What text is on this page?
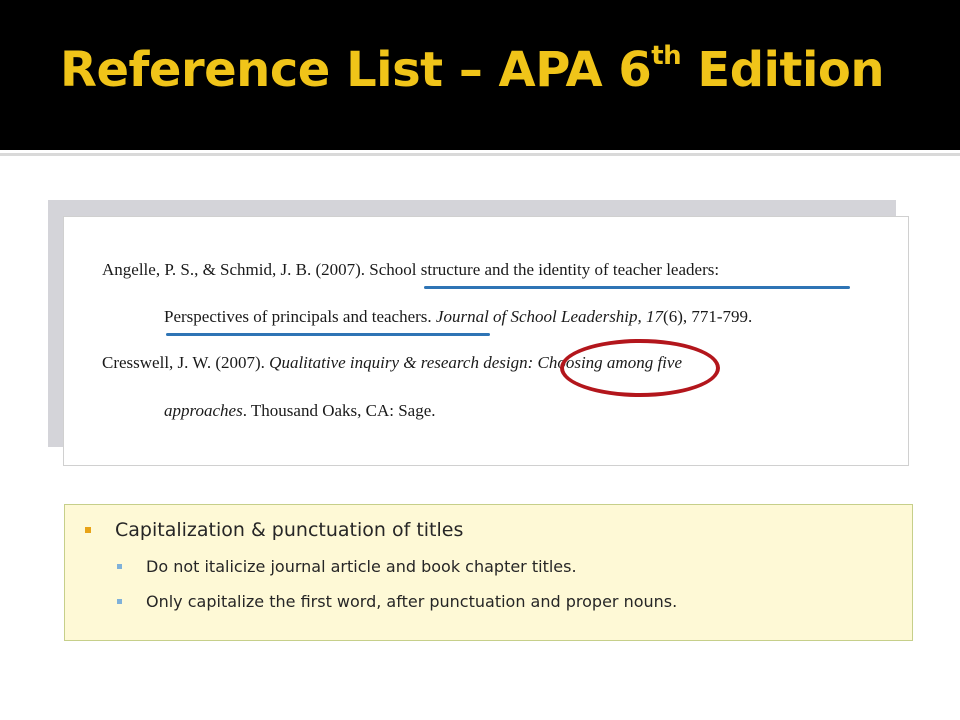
Reference List – APA 6th Edition
Angelle, P. S., & Schmid, J. B. (2007). School structure and the identity of teacher leaders:
Perspectives of principals and teachers. Journal of School Leadership, 17(6), 771-799.
Cresswell, J. W. (2007). Qualitative inquiry & research design: Choosing among five
approaches. Thousand Oaks, CA: Sage.
Capitalization & punctuation of titles
Do not italicize journal article and book chapter titles.
Only capitalize the first word, after punctuation and proper nouns.
